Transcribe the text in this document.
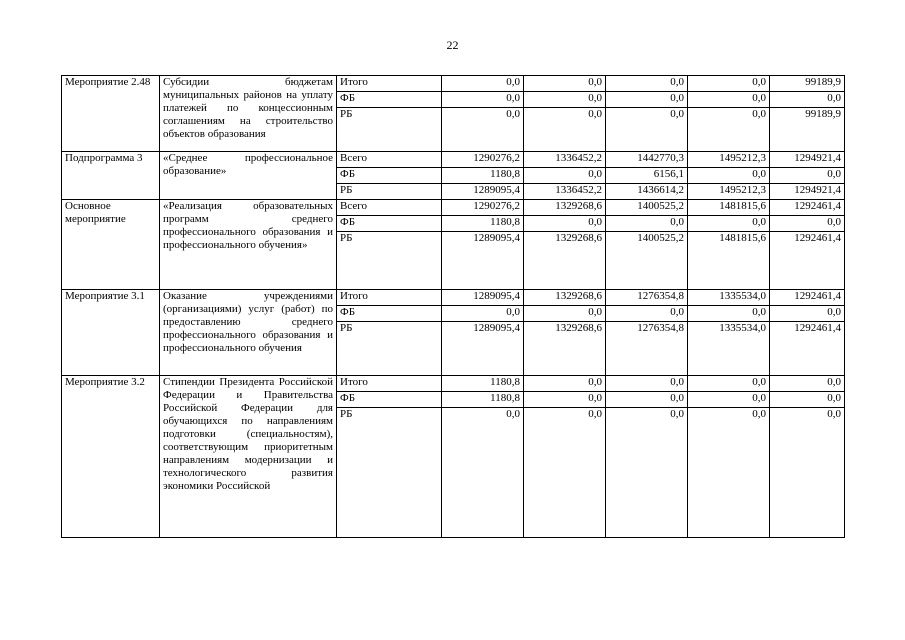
22
Мероприятие 2.48	Субсидии бюджетам муниципальных районов на уплату платежей по концессионным соглашениям на строительство объектов образования	Итого	0,0	0,0	0,0	0,0	99189,9
		ФБ	0,0	0,0	0,0	0,0	0,0
		РБ	0,0	0,0	0,0	0,0	99189,9
Подпрограмма 3	«Среднее профессиональное образование»	Всего	1290276,2	1336452,2	1442770,3	1495212,3	1294921,4
		ФБ	1180,8	0,0	6156,1	0,0	0,0
		РБ	1289095,4	1336452,2	1436614,2	1495212,3	1294921,4
Основное мероприятие	«Реализация образовательных программ среднего профессионального образования и профессионального обучения»	Всего	1290276,2	1329268,6	1400525,2	1481815,6	1292461,4
		ФБ	1180,8	0,0	0,0	0,0	0,0
		РБ	1289095,4	1329268,6	1400525,2	1481815,6	1292461,4
Мероприятие 3.1	Оказание учреждениями (организациями) услуг (работ) по предоставлению среднего профессионального образования и профессионального обучения	Итого	1289095,4	1329268,6	1276354,8	1335534,0	1292461,4
		ФБ	0,0	0,0	0,0	0,0	0,0
		РБ	1289095,4	1329268,6	1276354,8	1335534,0	1292461,4
Мероприятие 3.2	Стипендии Президента Российской Федерации и Правительства Российской Федерации для обучающихся по направлениям подготовки (специальностям), соответствующим приоритетным направлениям модернизации и технологического развития экономики Российской	Итого	1180,8	0,0	0,0	0,0	0,0
		ФБ	1180,8	0,0	0,0	0,0	0,0
		РБ	0,0	0,0	0,0	0,0	0,0
